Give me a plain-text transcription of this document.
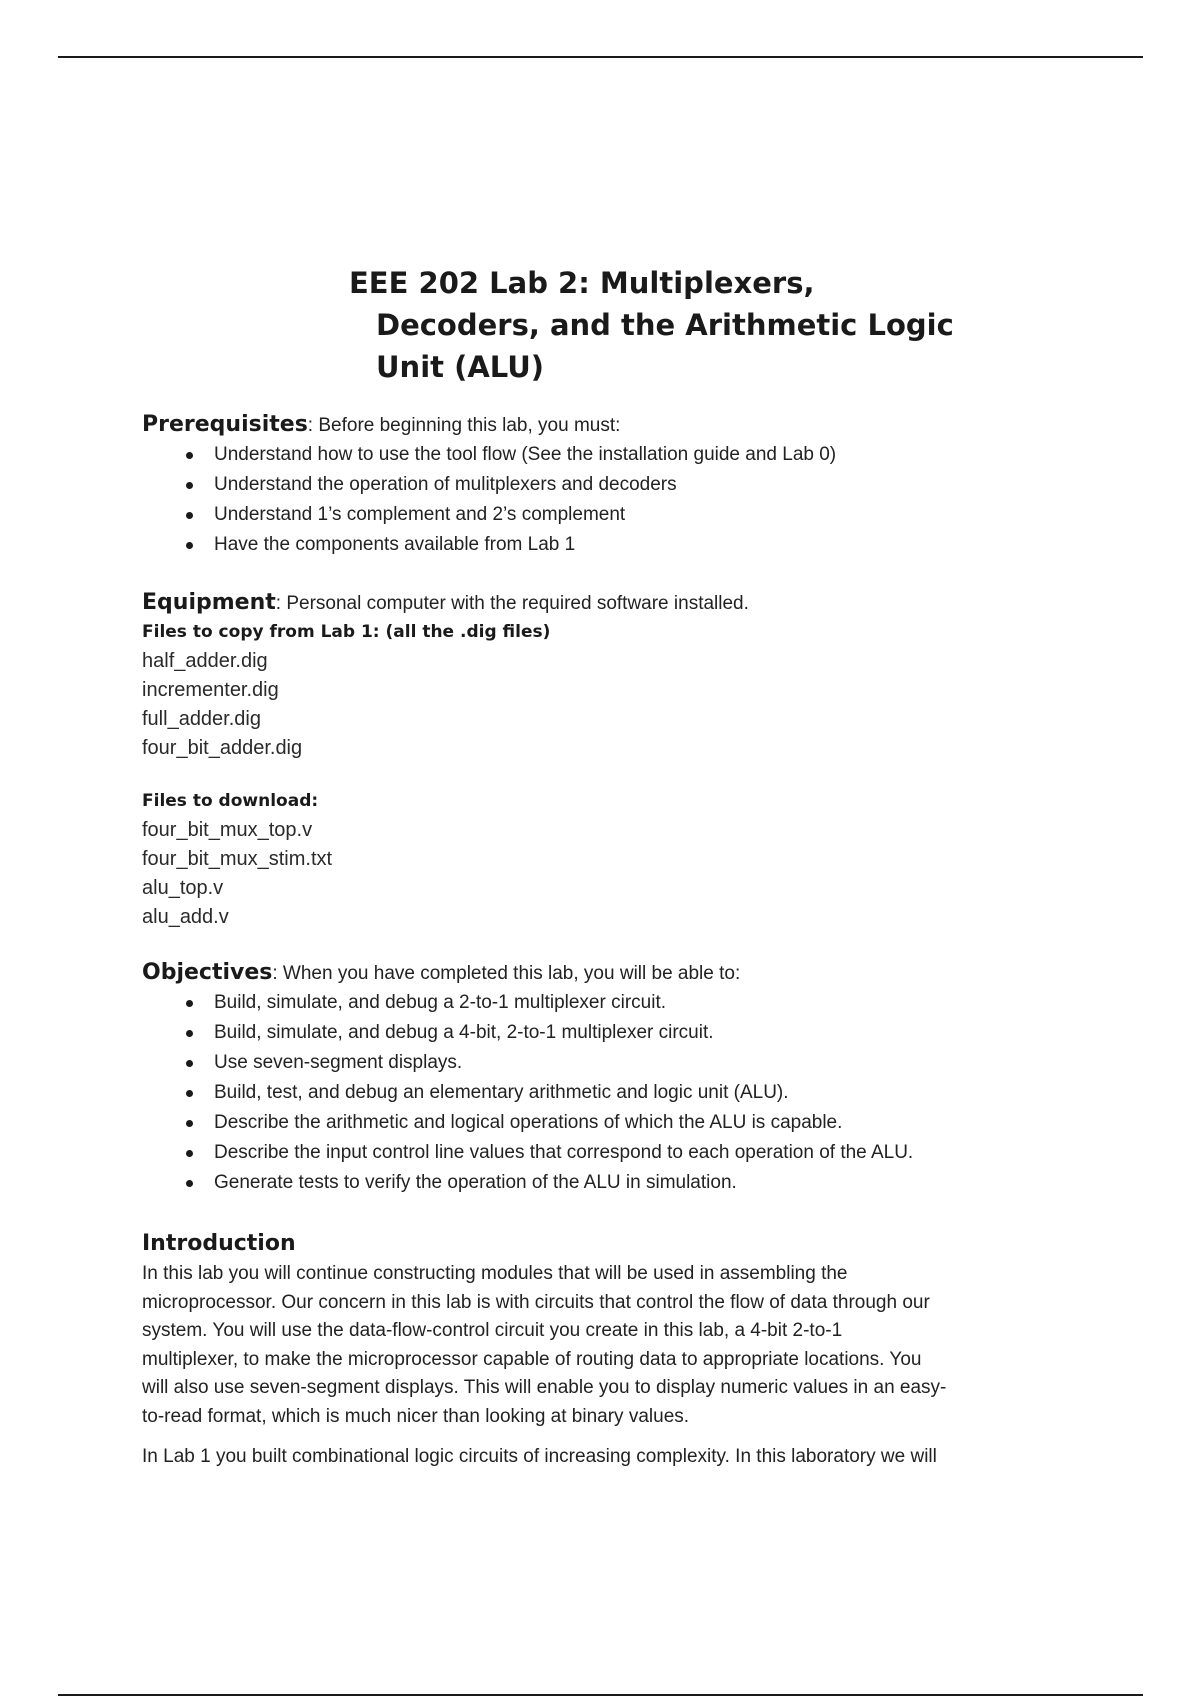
EEE 202 Lab 2: Multiplexers,
Decoders, and the Arithmetic Logic
Unit (ALU)
Prerequisites: Before beginning this lab, you must:
Understand how to use the tool flow (See the installation guide and Lab 0)
Understand the operation of mulitplexers and decoders
Understand 1’s complement and 2’s complement
Have the components available from Lab 1
Equipment: Personal computer with the required software installed.
Files to copy from Lab 1: (all the .dig files)
half_adder.dig
incrementer.dig
full_adder.dig
four_bit_adder.dig
Files to download:
four_bit_mux_top.v
four_bit_mux_stim.txt
alu_top.v
alu_add.v
Objectives: When you have completed this lab, you will be able to:
Build, simulate, and debug a 2-to-1 multiplexer circuit.
Build, simulate, and debug a 4-bit, 2-to-1 multiplexer circuit.
Use seven-segment displays.
Build, test, and debug an elementary arithmetic and logic unit (ALU).
Describe the arithmetic and logical operations of which the ALU is capable.
Describe the input control line values that correspond to each operation of the ALU.
Generate tests to verify the operation of the ALU in simulation.
Introduction
In this lab you will continue constructing modules that will be used in assembling the
microprocessor. Our concern in this lab is with circuits that control the flow of data through our
system. You will use the data-flow-control circuit you create in this lab, a 4-bit 2-to-1
multiplexer, to make the microprocessor capable of routing data to appropriate locations. You
will also use seven-segment displays. This will enable you to display numeric values in an easy-
to-read format, which is much nicer than looking at binary values.
In Lab 1 you built combinational logic circuits of increasing complexity. In this laboratory we will
